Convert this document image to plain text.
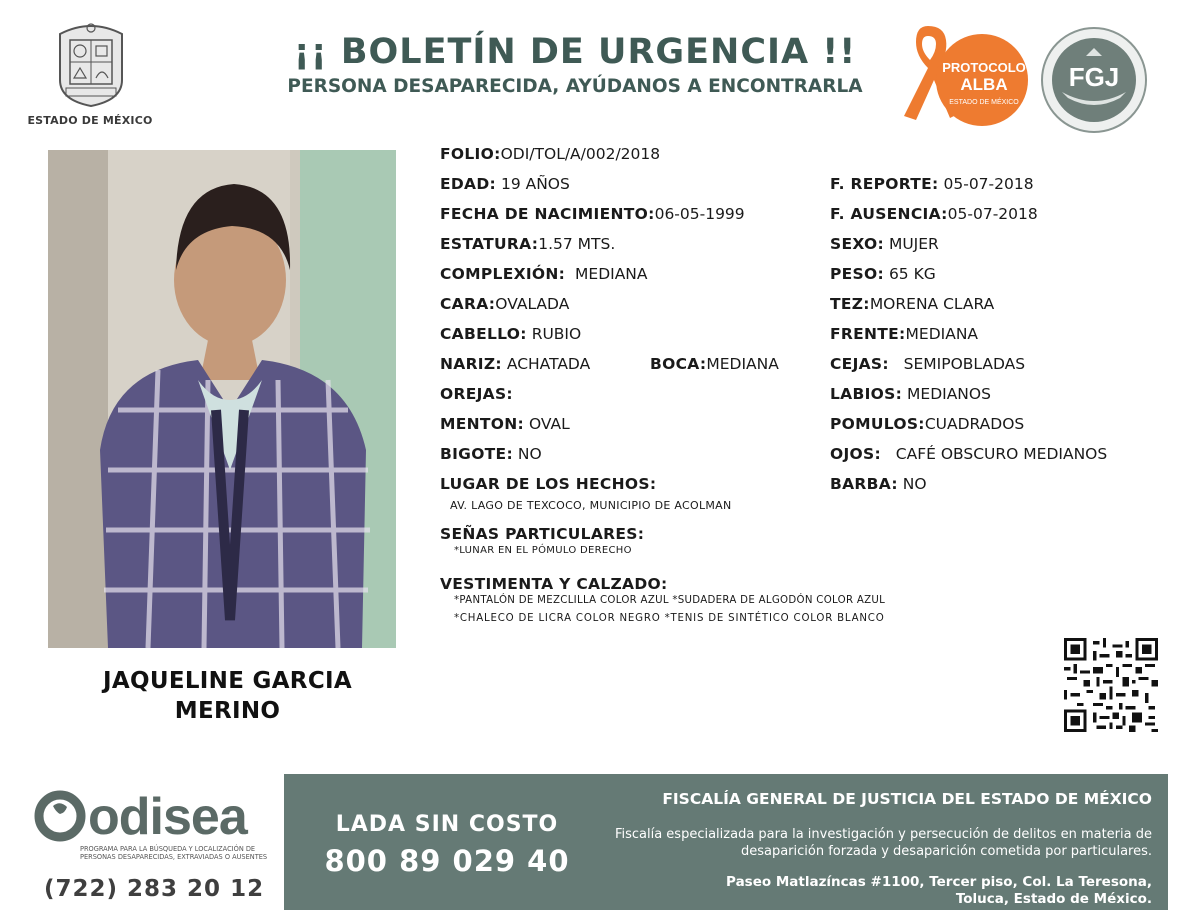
ESTADO DE MÉXICO
¡¡ BOLETÍN DE URGENCIA !!
PERSONA DESAPARECIDA, AYÚDANOS A ENCONTRARLA
PROTOCOLO
ALBA
ESTADO DE MÉXICO
FGJ
JAQUELINE GARCIA
MERINO
FOLIO:ODI/TOL/A/002/2018
EDAD: 19 AÑOS
FECHA DE NACIMIENTO:06-05-1999
ESTATURA:1.57 MTS.
COMPLEXIÓN: MEDIANA
CARA:OVALADA
CABELLO: RUBIO
NARIZ: ACHATADA	BOCA:MEDIANA
OREJAS:
MENTON: OVAL
BIGOTE: NO
LUGAR DE LOS HECHOS:
AV. LAGO DE TEXCOCO, MUNICIPIO DE ACOLMAN
SEÑAS PARTICULARES:
*LUNAR EN EL PÓMULO DERECHO
VESTIMENTA Y CALZADO:
*PANTALÓN DE MEZCLILLA COLOR AZUL *SUDADERA DE ALGODÓN COLOR AZUL
*CHALECO DE LICRA COLOR NEGRO *TENIS DE SINTÉTICO COLOR BLANCO
F. REPORTE: 05-07-2018
F. AUSENCIA:05-07-2018
SEXO: MUJER
PESO: 65 KG
TEZ:MORENA CLARA
FRENTE:MEDIANA
CEJAS: SEMIPOBLADAS
LABIOS: MEDIANOS
POMULOS:CUADRADOS
OJOS: CAFÉ OBSCURO MEDIANOS
BARBA: NO
odisea
PROGRAMA PARA LA BÚSQUEDA Y LOCALIZACIÓN DE PERSONAS DESAPARECIDAS, EXTRAVIADAS O AUSENTES
(722) 283 20 12
LADA SIN COSTO
800 89 029 40
FISCALÍA GENERAL DE JUSTICIA DEL ESTADO DE MÉXICO
Fiscalía especializada para la investigación y persecución de delitos en materia de desaparición forzada y desaparición cometida por particulares.
Paseo Matlazíncas #1100, Tercer piso, Col. La Teresona,
Toluca, Estado de México.
